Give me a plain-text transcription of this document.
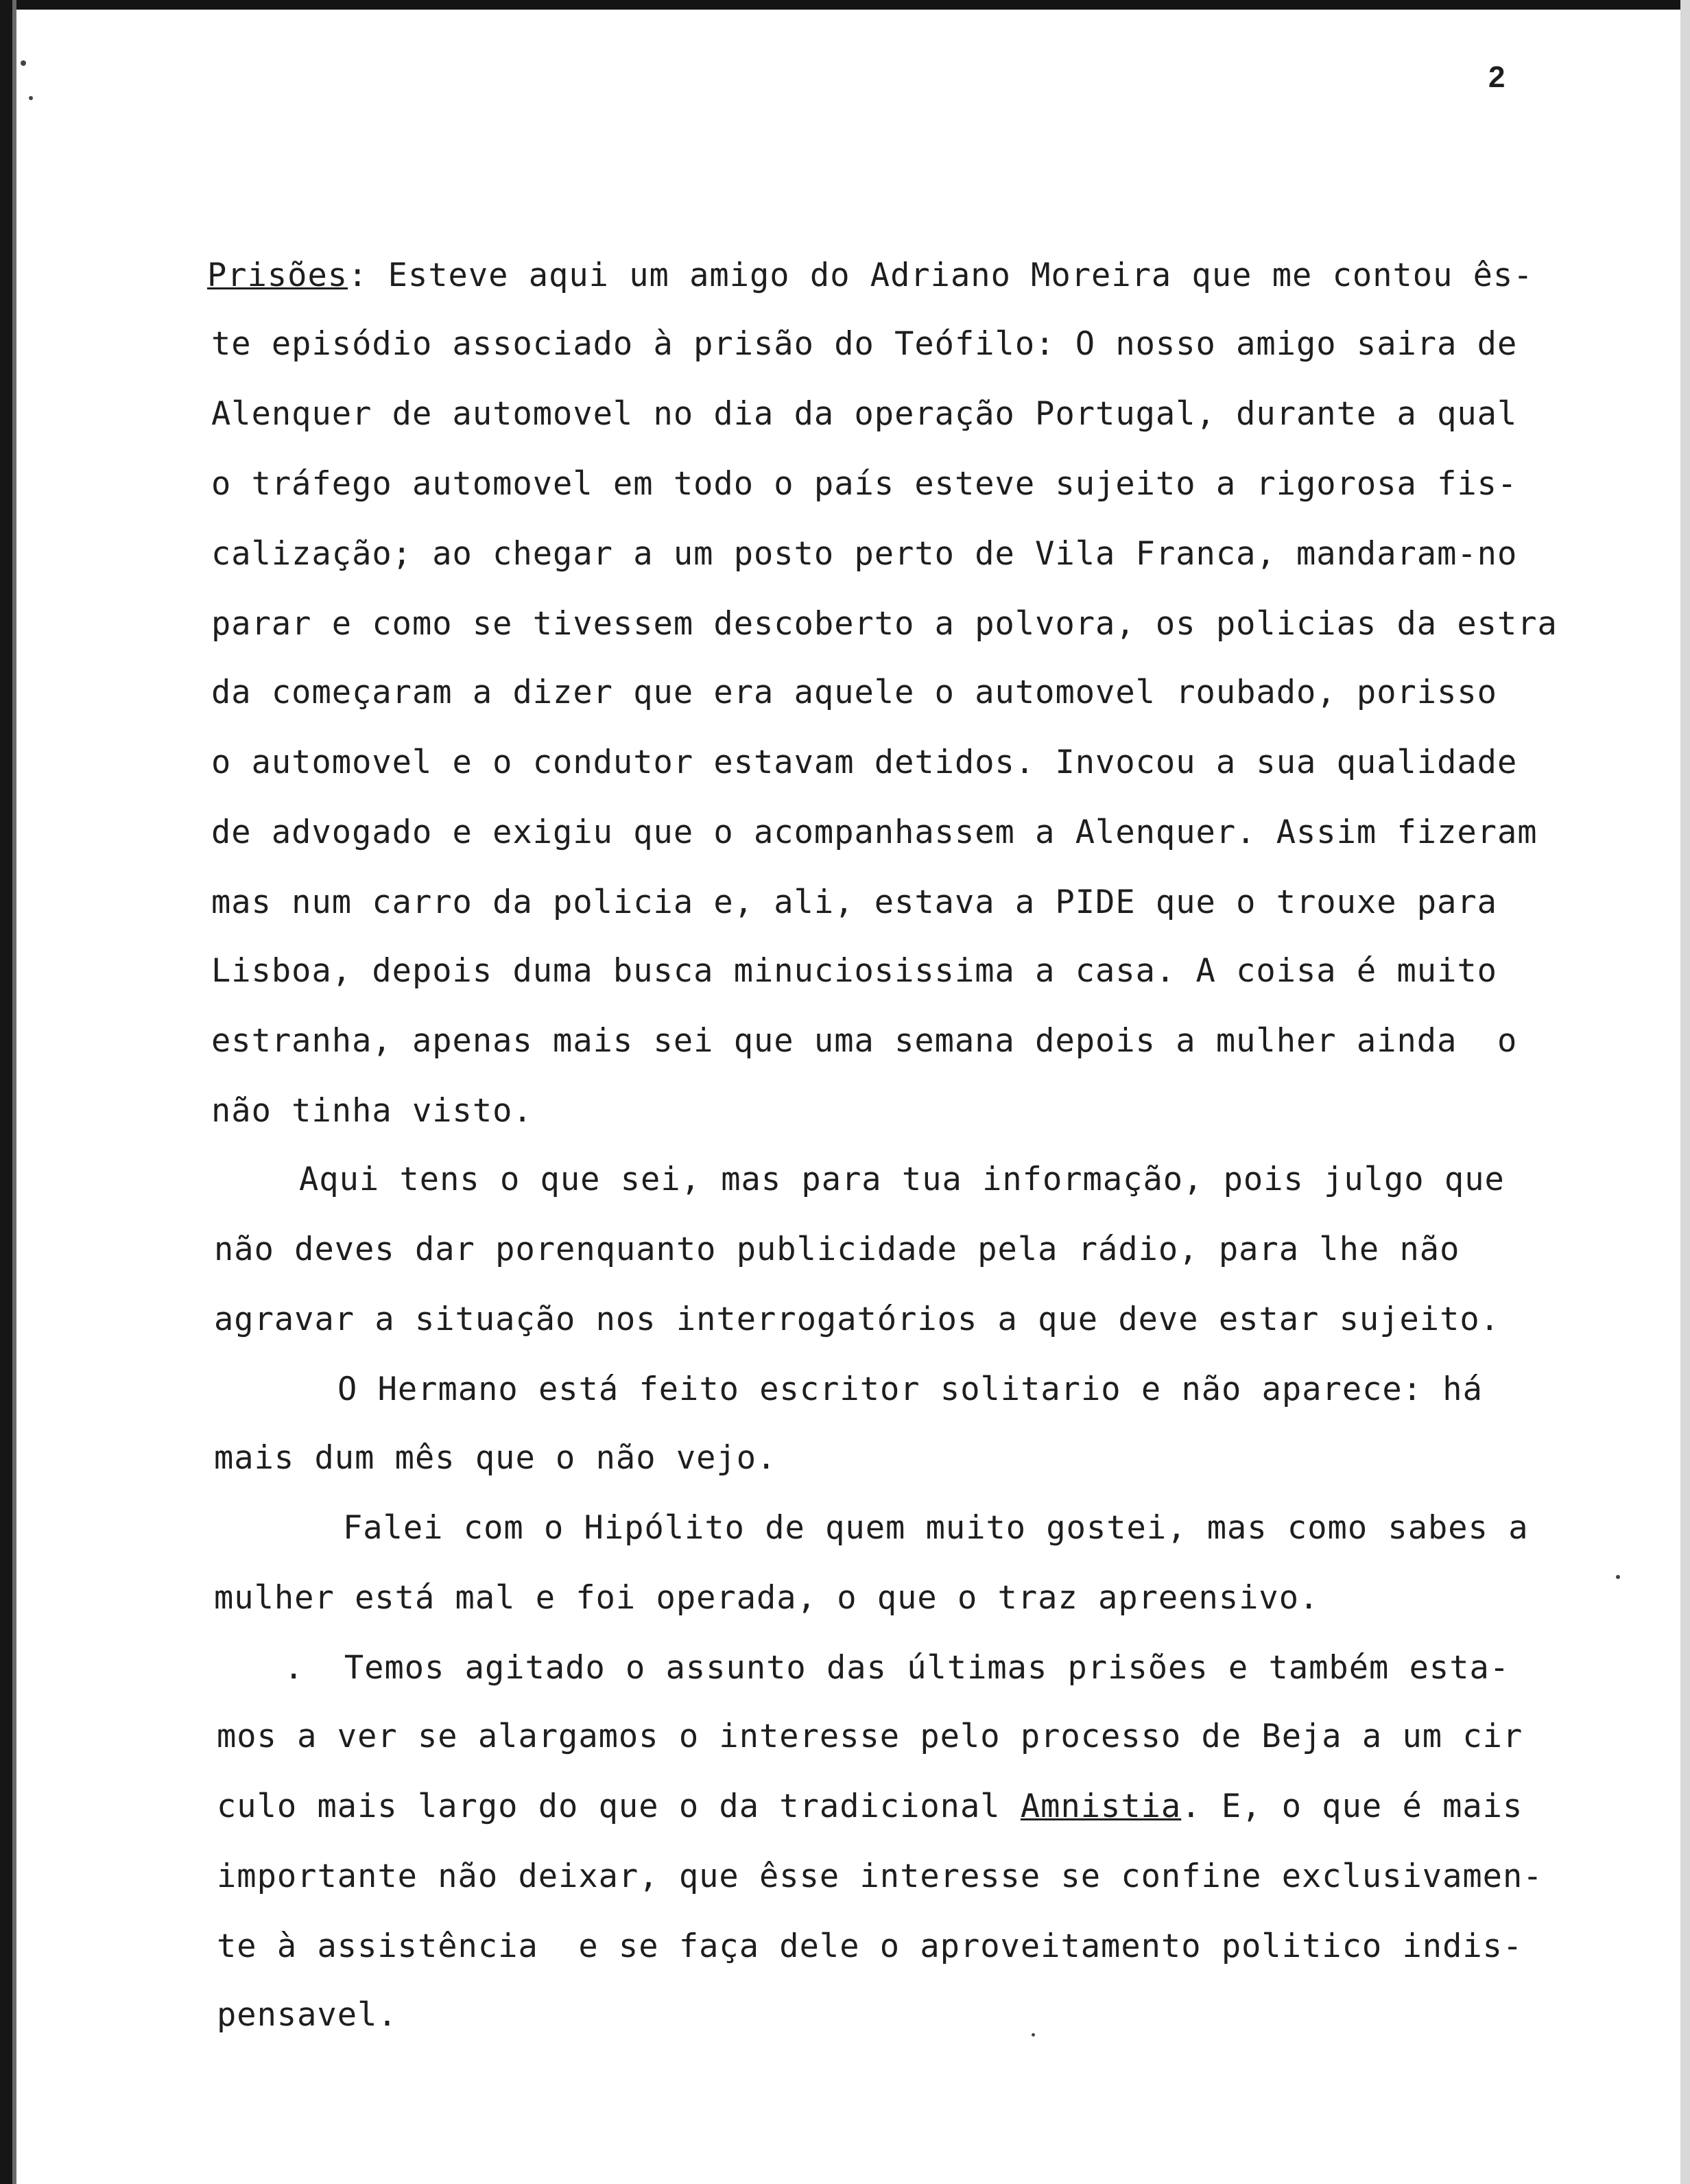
2
Prisões: Esteve aqui um amigo do Adriano Moreira que me contou ês-
te episódio associado à prisão do Teófilo: O nosso amigo saira de
Alenquer de automovel no dia da operação Portugal, durante a qual
o tráfego automovel em todo o país esteve sujeito a rigorosa fis-
calização; ao chegar a um posto perto de Vila Franca, mandaram-no
parar e como se tivessem descoberto a polvora, os policias da estra
da começaram a dizer que era aquele o automovel roubado, porisso
o automovel e o condutor estavam detidos. Invocou a sua qualidade
de advogado e exigiu que o acompanhassem a Alenquer. Assim fizeram
mas num carro da policia e, ali, estava a PIDE que o trouxe para
Lisboa, depois duma busca minuciosissima a casa. A coisa é muito
estranha, apenas mais sei que uma semana depois a mulher ainda  o
não tinha visto.
Aqui tens o que sei, mas para tua informação, pois julgo que
não deves dar porenquanto publicidade pela rádio, para lhe não
agravar a situação nos interrogatórios a que deve estar sujeito.
O Hermano está feito escritor solitario e não aparece: há
mais dum mês que o não vejo.
Falei com o Hipólito de quem muito gostei, mas como sabes a
mulher está mal e foi operada, o que o traz apreensivo.
.  Temos agitado o assunto das últimas prisões e também esta-
mos a ver se alargamos o interesse pelo processo de Beja a um cir
culo mais largo do que o da tradicional Amnistia. E, o que é mais
importante não deixar, que êsse interesse se confine exclusivamen-
te à assistência  e se faça dele o aproveitamento politico indis-
pensavel.
